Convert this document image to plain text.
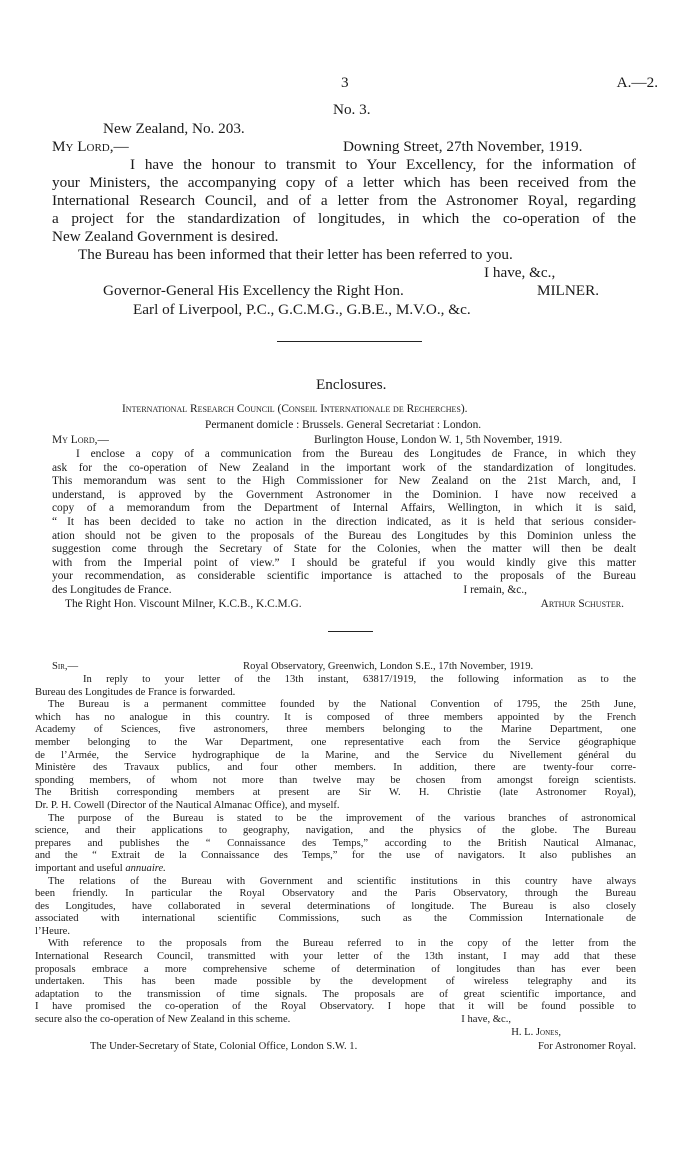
3	A.—2.
No. 3.
New Zealand, No. 203.
My Lord,—	Downing Street, 27th November, 1919.
I have the honour to transmit to Your Excellency, for the information of
your Ministers, the accompanying copy of a letter which has been received from the
International Research Council, and of a letter from the Astronomer Royal, regarding
a project for the standardization of longitudes, in which the co-operation of the
New Zealand Government is desired.
The Bureau has been informed that their letter has been referred to you.
I have, &c.,
Governor-General His Excellency the Right Hon.	MILNER.
Earl of Liverpool, P.C., G.C.M.G., G.B.E., M.V.O., &c.
Enclosures.
International Research Council (Conseil Internationale de Recherches).
Permanent domicle : Brussels. General Secretariat : London.
My Lord,—	Burlington House, London W. 1, 5th November, 1919.
I enclose a copy of a communication from the Bureau des Longitudes de France, in which they
ask for the co-operation of New Zealand in the important work of the standardization of longitudes.
This memorandum was sent to the High Commissioner for New Zealand on the 21st March, and, I
understand, is approved by the Government Astronomer in the Dominion. I have now received a
copy of a memorandum from the Department of Internal Affairs, Wellington, in which it is said,
“ It has been decided to take no action in the direction indicated, as it is held that serious consider-
ation should not be given to the proposals of the Bureau des Longitudes by this Dominion unless the
suggestion come through the Secretary of State for the Colonies, when the matter will then be dealt
with from the Imperial point of view.” I should be grateful if you would kindly give this matter
your recommendation, as considerable scientific importance is attached to the proposals of the Bureau
des Longitudes de France.	I remain, &c.,
The Right Hon. Viscount Milner, K.C.B., K.C.M.G.	Arthur Schuster.
Sir,—	Royal Observatory, Greenwich, London S.E., 17th November, 1919.
In reply to your letter of the 13th instant, 63817/1919, the following information as to the
Bureau des Longitudes de France is forwarded.
The Bureau is a permanent committee founded by the National Convention of 1795, the 25th June,
which has no analogue in this country. It is composed of three members appointed by the French
Academy of Sciences, five astronomers, three members belonging to the Marine Department, one
member belonging to the War Department, one representative each from the Service géographique
de l’Armée, the Service hydrographique de la Marine, and the Service du Nivellement général du
Ministère des Travaux publics, and four other members. In addition, there are twenty-four corre-
sponding members, of whom not more than twelve may be chosen from amongst foreign scientists.
The British corresponding members at present are Sir W. H. Christie (late Astronomer Royal),
Dr. P. H. Cowell (Director of the Nautical Almanac Office), and myself.
The purpose of the Bureau is stated to be the improvement of the various branches of astronomical
science, and their applications to geography, navigation, and the physics of the globe. The Bureau
prepares and publishes the “ Connaissance des Temps,” according to the British Nautical Almanac,
and the “ Extrait de la Connaissance des Temps,” for the use of navigators. It also publishes an
important and useful annuaire.
The relations of the Bureau with Government and scientific institutions in this country have always
been friendly. In particular the Royal Observatory and the Paris Observatory, through the Bureau
des Longitudes, have collaborated in several determinations of longitude. The Bureau is also closely
associated with international scientific Commissions, such as the Commission Internationale de
l’Heure.
With reference to the proposals from the Bureau referred to in the copy of the letter from the
International Research Council, transmitted with your letter of the 13th instant, I may add that these
proposals embrace a more comprehensive scheme of determination of longitudes than has ever been
undertaken. This has been made possible by the development of wireless telegraphy and its
adaptation to the transmission of time signals. The proposals are of great scientific importance, and
I have promised the co-operation of the Royal Observatory. I hope that it will be found possible to
secure also the co-operation of New Zealand in this scheme.	I have, &c.,
H. L. Jones,
The Under-Secretary of State, Colonial Office, London S.W. 1.	For Astronomer Royal.
